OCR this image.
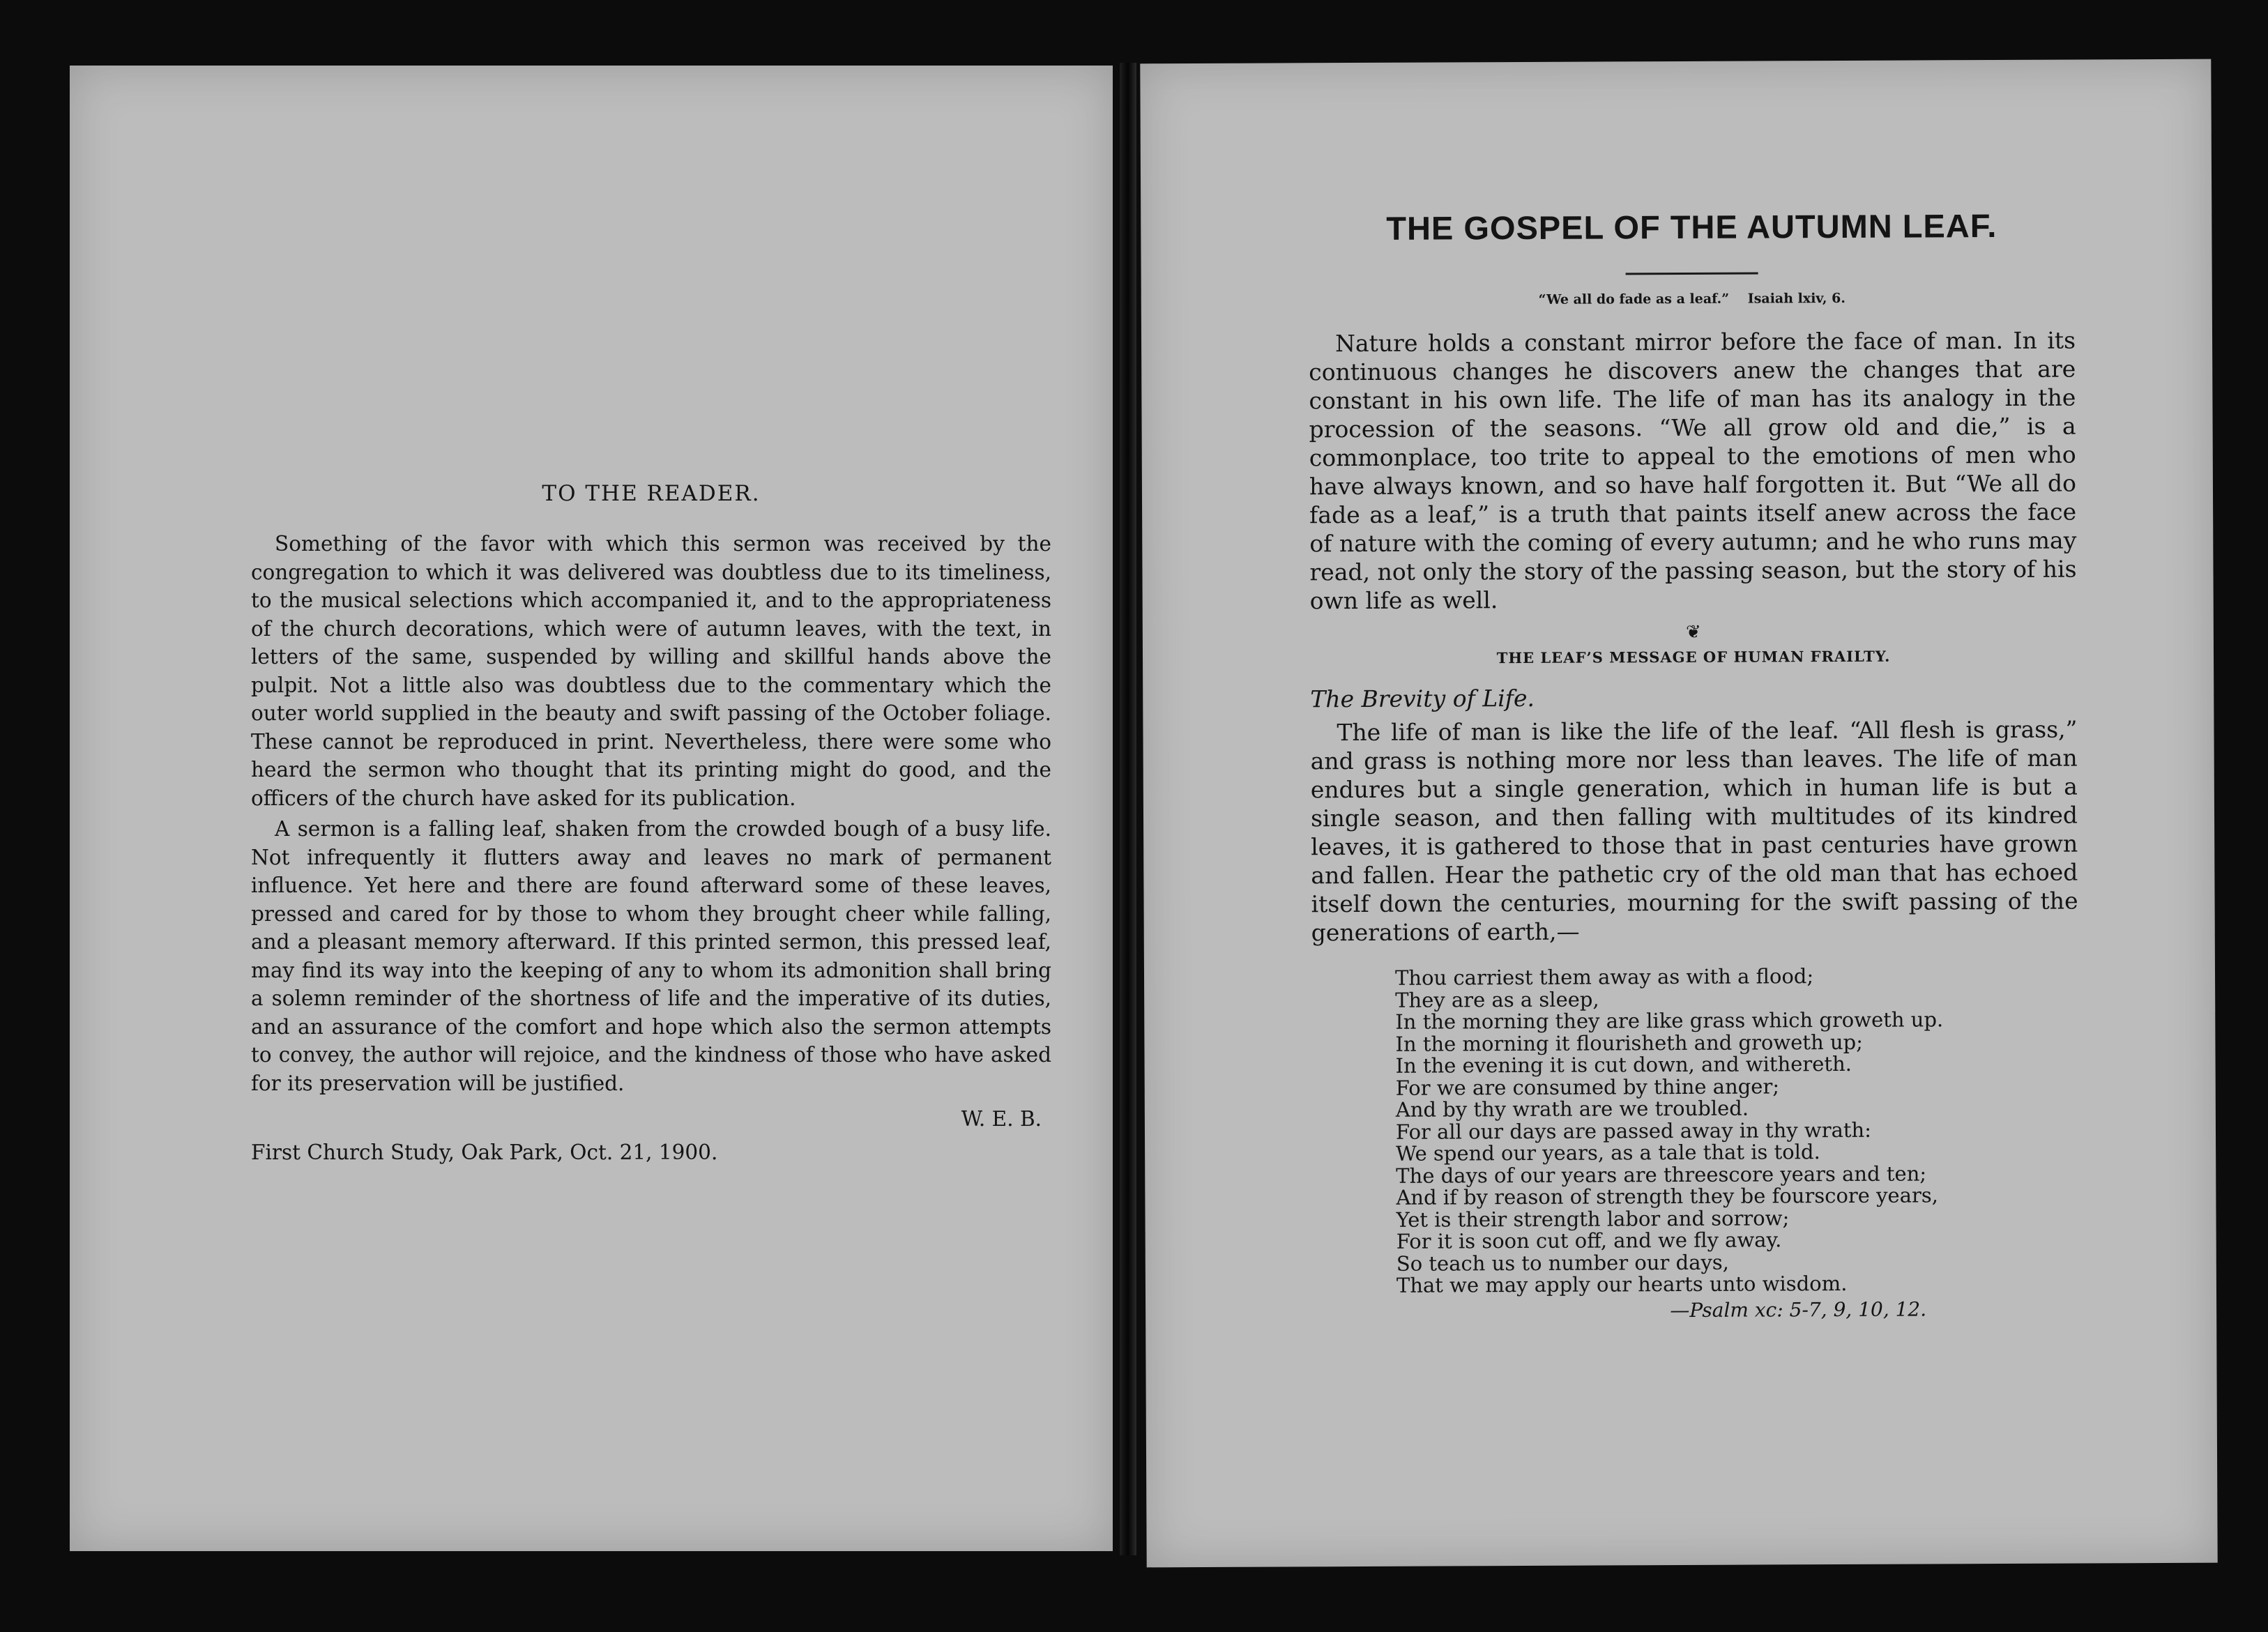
TO THE READER.

Something of the favor with which this sermon was received by the congregation to which it was delivered was doubtless due to its timeliness, to the musical selections which accompanied it, and to the appropriateness of the church decorations, which were of autumn leaves, with the text, in letters of the same, suspended by willing and skillful hands above the pulpit. Not a little also was doubtless due to the commentary which the outer world supplied in the beauty and swift passing of the October foliage. These cannot be reproduced in print. Nevertheless, there were some who heard the sermon who thought that its printing might do good, and the officers of the church have asked for its publication.

A sermon is a falling leaf, shaken from the crowded bough of a busy life. Not infrequently it flutters away and leaves no mark of permanent influence. Yet here and there are found afterward some of these leaves, pressed and cared for by those to whom they brought cheer while falling, and a pleasant memory afterward. If this printed sermon, this pressed leaf, may find its way into the keeping of any to whom its admonition shall bring a solemn reminder of the shortness of life and the imperative of its duties, and an assurance of the comfort and hope which also the sermon attempts to convey, the author will rejoice, and the kindness of those who have asked for its preservation will be justified.

W. E. B.
First Church Study, Oak Park, Oct. 21, 1900.
THE GOSPEL OF THE AUTUMN LEAF.

“We all do fade as a leaf.” Isaiah lxiv, 6.

Nature holds a constant mirror before the face of man. In its continuous changes he discovers anew the changes that are constant in his own life. The life of man has its analogy in the procession of the seasons. “We all grow old and die,” is a commonplace, too trite to appeal to the emotions of men who have always known, and so have half forgotten it. But “We all do fade as a leaf,” is a truth that paints itself anew across the face of nature with the coming of every autumn; and he who runs may read, not only the story of the passing season, but the story of his own life as well.

❦
THE LEAF’S MESSAGE OF HUMAN FRAILTY.
The Brevity of Life.

The life of man is like the life of the leaf. “All flesh is grass,” and grass is nothing more nor less than leaves. The life of man endures but a single generation, which in human life is but a single season, and then falling with multitudes of its kindred leaves, it is gathered to those that in past centuries have grown and fallen. Hear the pathetic cry of the old man that has echoed itself down the centuries, mourning for the swift passing of the generations of earth,—

Thou carriest them away as with a flood;
They are as a sleep,
In the morning they are like grass which groweth up.
In the morning it flourisheth and groweth up;
In the evening it is cut down, and withereth.
For we are consumed by thine anger;
And by thy wrath are we troubled.
For all our days are passed away in thy wrath:
We spend our years, as a tale that is told.
The days of our years are threescore years and ten;
And if by reason of strength they be fourscore years,
Yet is their strength labor and sorrow;
For it is soon cut off, and we fly away.
So teach us to number our days,
That we may apply our hearts unto wisdom.
—Psalm xc: 5-7, 9, 10, 12.
